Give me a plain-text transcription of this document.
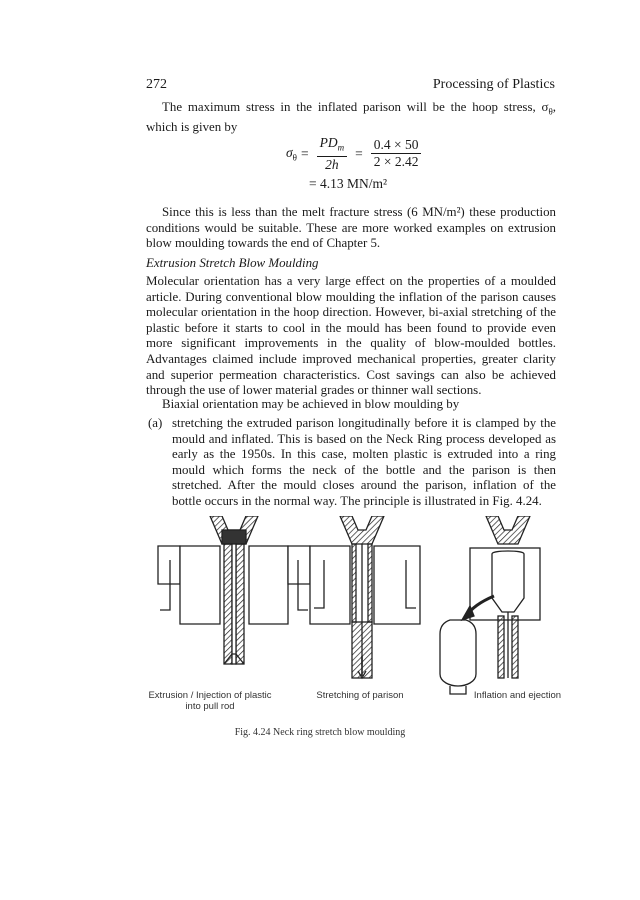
272	Processing of Plastics
The maximum stress in the inflated parison will be the hoop stress, $\sigma_\theta$, which is given by
$\sigma_\theta = \frac{PD_m}{2h} = \frac{0.4 \times 50}{2 \times 2.42}$
= 4.13 MN/m²
Since this is less than the melt fracture stress (6 MN/m²) these production conditions would be suitable. These are more worked examples on extrusion blow moulding towards the end of Chapter 5.
Extrusion Stretch Blow Moulding
Molecular orientation has a very large effect on the properties of a moulded article. During conventional blow moulding the inflation of the parison causes molecular orientation in the hoop direction. However, bi-axial stretching of the plastic before it starts to cool in the mould has been found to provide even more significant improvements in the quality of blow-moulded bottles. Advantages claimed include improved mechanical properties, greater clarity and superior permeation characteristics. Cost savings can also be achieved through the use of lower material grades or thinner wall sections.
Biaxial orientation may be achieved in blow moulding by
(a) stretching the extruded parison longitudinally before it is clamped by the mould and inflated. This is based on the Neck Ring process developed as early as the 1950s. In this case, molten plastic is extruded into a ring mould which forms the neck of the bottle and the parison is then stretched. After the mould closes around the parison, inflation of the bottle occurs in the normal way. The principle is illustrated in Fig. 4.24.
Extrusion / Injection of plastic into pull rod
Stretching of parison	Inflation and ejection
Fig. 4.24 Neck ring stretch blow moulding
